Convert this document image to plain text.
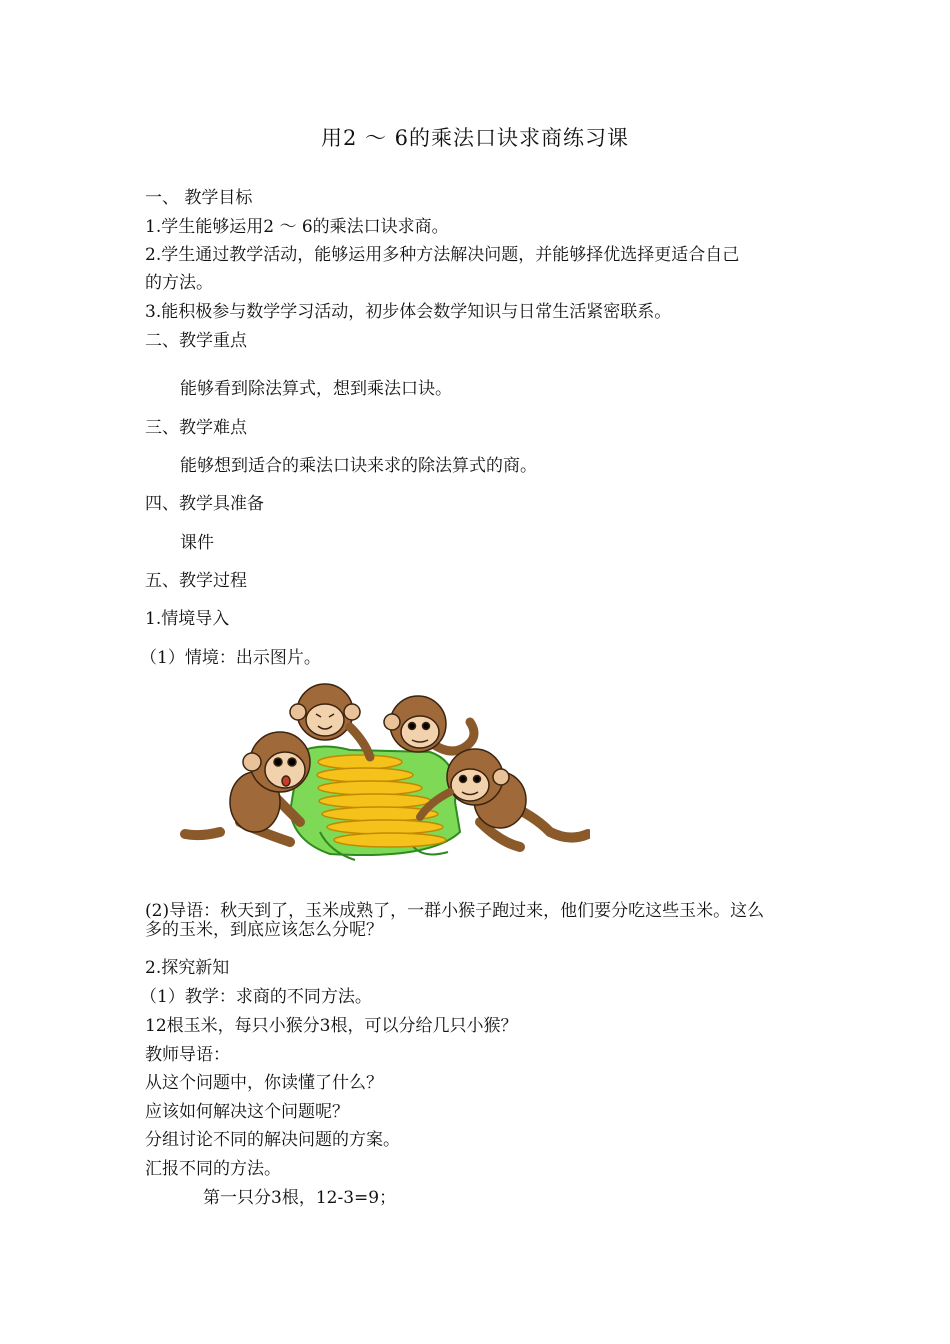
用2 ～ 6的乘法口诀求商练习课
一、 教学目标
1.学生能够运用2 ～ 6的乘法口诀求商。
2.学生通过教学活动，能够运用多种方法解决问题，并能够择优选择更适合自己
的方法。
3.能积极参与数学学习活动，初步体会数学知识与日常生活紧密联系。
二、教学重点
能够看到除法算式，想到乘法口诀。
三、教学难点
能够想到适合的乘法口诀来求的除法算式的商。
四、教学具准备
课件
五、教学过程
1.情境导入
（1）情境：出示图片。
(2)导语：秋天到了，玉米成熟了，一群小猴子跑过来，他们要分吃这些玉米。这么
多的玉米，到底应该怎么分呢？
2.探究新知
（1）教学：求商的不同方法。
12根玉米，每只小猴分3根，可以分给几只小猴？
教师导语：
从这个问题中，你读懂了什么？
应该如何解决这个问题呢？
分组讨论不同的解决问题的方案。
汇报不同的方法。
第一只分3根，12-3=9；
